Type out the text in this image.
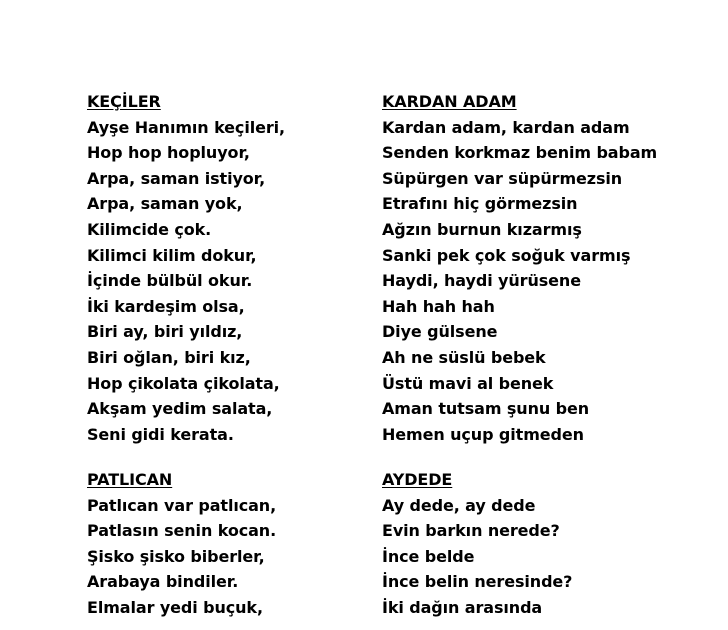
KEÇİLER
Ayşe Hanımın keçileri,
Hop hop hopluyor,
Arpa, saman istiyor,
Arpa, saman yok,
Kilimcide çok.
Kilimci kilim dokur,
İçinde bülbül okur.
İki kardeşim olsa,
Biri ay, biri yıldız,
Biri oğlan, biri kız,
Hop çikolata çikolata,
Akşam yedim salata,
Seni gidi kerata.
KARDAN ADAM
Kardan adam, kardan adam
Senden korkmaz benim babam
Süpürgen var süpürmezsin
Etrafını hiç görmezsin
Ağzın burnun kızarmış
Sanki pek çok soğuk varmış
Haydi, haydi yürüsene
Hah hah hah
Diye gülsene
Ah ne süslü bebek
Üstü mavi al benek
Aman tutsam şunu ben
Hemen uçup gitmeden
PATLICAN
Patlıcan var patlıcan,
Patlasın senin kocan.
Şisko şisko biberler,
Arabaya bindiler.
Elmalar yedi buçuk,
AYDEDE
Ay dede, ay dede
Evin barkın nerede?
İnce belde
İnce belin neresinde?
İki dağın arasında
